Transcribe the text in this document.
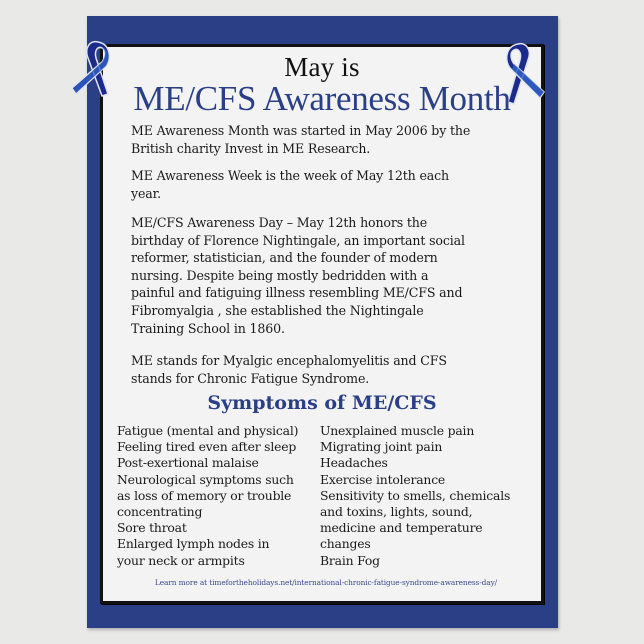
May is
ME/CFS Awareness Month
ME Awareness Month was started in May 2006 by the
British charity Invest in ME Research.
ME Awareness Week is the week of May 12th each
year.
ME/CFS Awareness Day – May 12th honors the
birthday of Florence Nightingale, an important social
reformer, statistician, and the founder of modern
nursing. Despite being mostly bedridden with a
painful and fatiguing illness resembling ME/CFS and
Fibromyalgia , she established the Nightingale
Training School in 1860.
ME stands for Myalgic encephalomyelitis and CFS
stands for Chronic Fatigue Syndrome.
Symptoms of ME/CFS
Fatigue (mental and physical)
Feeling tired even after sleep
Post-exertional malaise
Neurological symptoms such
as loss of memory or trouble
concentrating
Sore throat
Enlarged lymph nodes in
your neck or armpits
Unexplained muscle pain
Migrating joint pain
Headaches
Exercise intolerance
Sensitivity to smells, chemicals
and toxins, lights, sound,
medicine and temperature
changes
Brain Fog
Learn more at timefortheholidays.net/international-chronic-fatigue-syndrome-awareness-day/
